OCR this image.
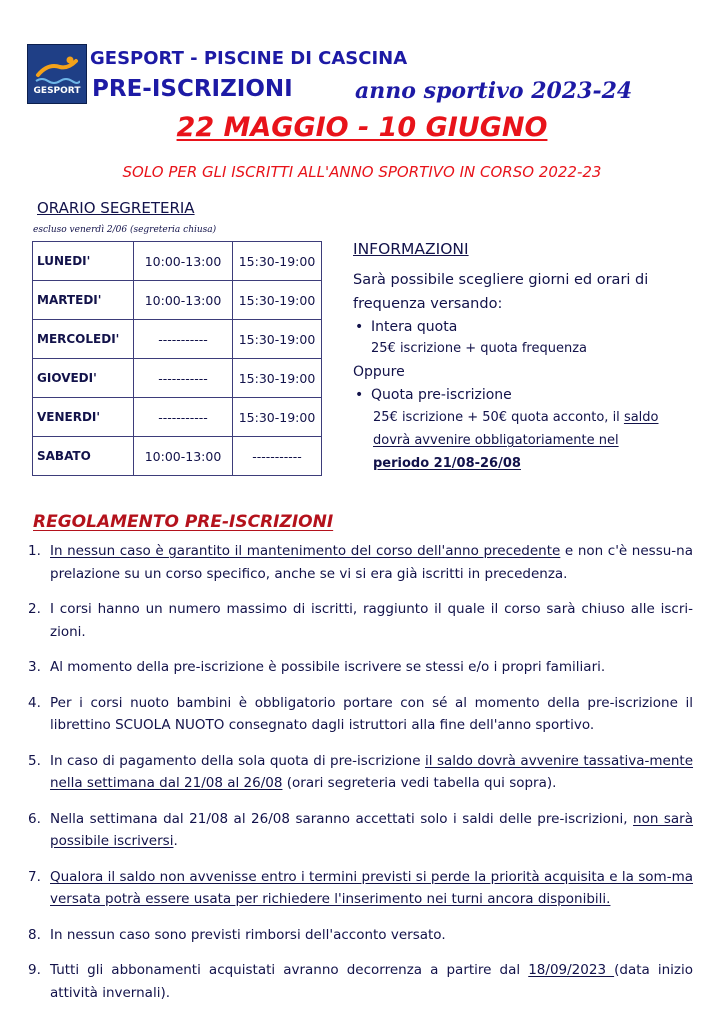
GESPORT
GESPORT - PISCINE DI CASCINA
PRE-ISCRIZIONI	anno sportivo 2023-24
22 MAGGIO - 10 GIUGNO
SOLO PER GLI ISCRITTI ALL'ANNO SPORTIVO IN CORSO 2022-23
ORARIO SEGRETERIA
escluso venerdì 2/06 (segreteria chiusa)
LUNEDI'	10:00-13:00	15:30-19:00
MARTEDI'	10:00-13:00	15:30-19:00
MERCOLEDI'	-----------	15:30-19:00
GIOVEDI'	-----------	15:30-19:00
VENERDI'	-----------	15:30-19:00
SABATO	10:00-13:00	-----------
INFORMAZIONI
Sarà possibile scegliere giorni ed orari di frequenza versando:
• Intera quota
25€ iscrizione + quota frequenza
Oppure
• Quota pre-iscrizione
25€ iscrizione + 50€ quota acconto, il saldo
dovrà avvenire obbligatoriamente nel
periodo 21/08-26/08
REGOLAMENTO PRE-ISCRIZIONI
1. In nessun caso è garantito il mantenimento del corso dell'anno precedente e non c'è nessu-na prelazione su un corso specifico, anche se vi si era già iscritti in precedenza.
2. I corsi hanno un numero massimo di iscritti, raggiunto il quale il corso sarà chiuso alle iscri-zioni.
3. Al momento della pre-iscrizione è possibile iscrivere se stessi e/o i propri familiari.
4. Per i corsi nuoto bambini è obbligatorio portare con sé al momento della pre-iscrizione il librettino SCUOLA NUOTO consegnato dagli istruttori alla fine dell'anno sportivo.
5. In caso di pagamento della sola quota di pre-iscrizione il saldo dovrà avvenire tassativa-mente nella settimana dal 21/08 al 26/08 (orari segreteria vedi tabella qui sopra).
6. Nella settimana dal 21/08 al 26/08 saranno accettati solo i saldi delle pre-iscrizioni, non sarà possibile iscriversi.
7. Qualora il saldo non avvenisse entro i termini previsti si perde la priorità acquisita e la som-ma versata potrà essere usata per richiedere l'inserimento nei turni ancora disponibili.
8. In nessun caso sono previsti rimborsi dell'acconto versato.
9. Tutti gli abbonamenti acquistati avranno decorrenza a partire dal 18/09/2023 (data inizio attività invernali).
